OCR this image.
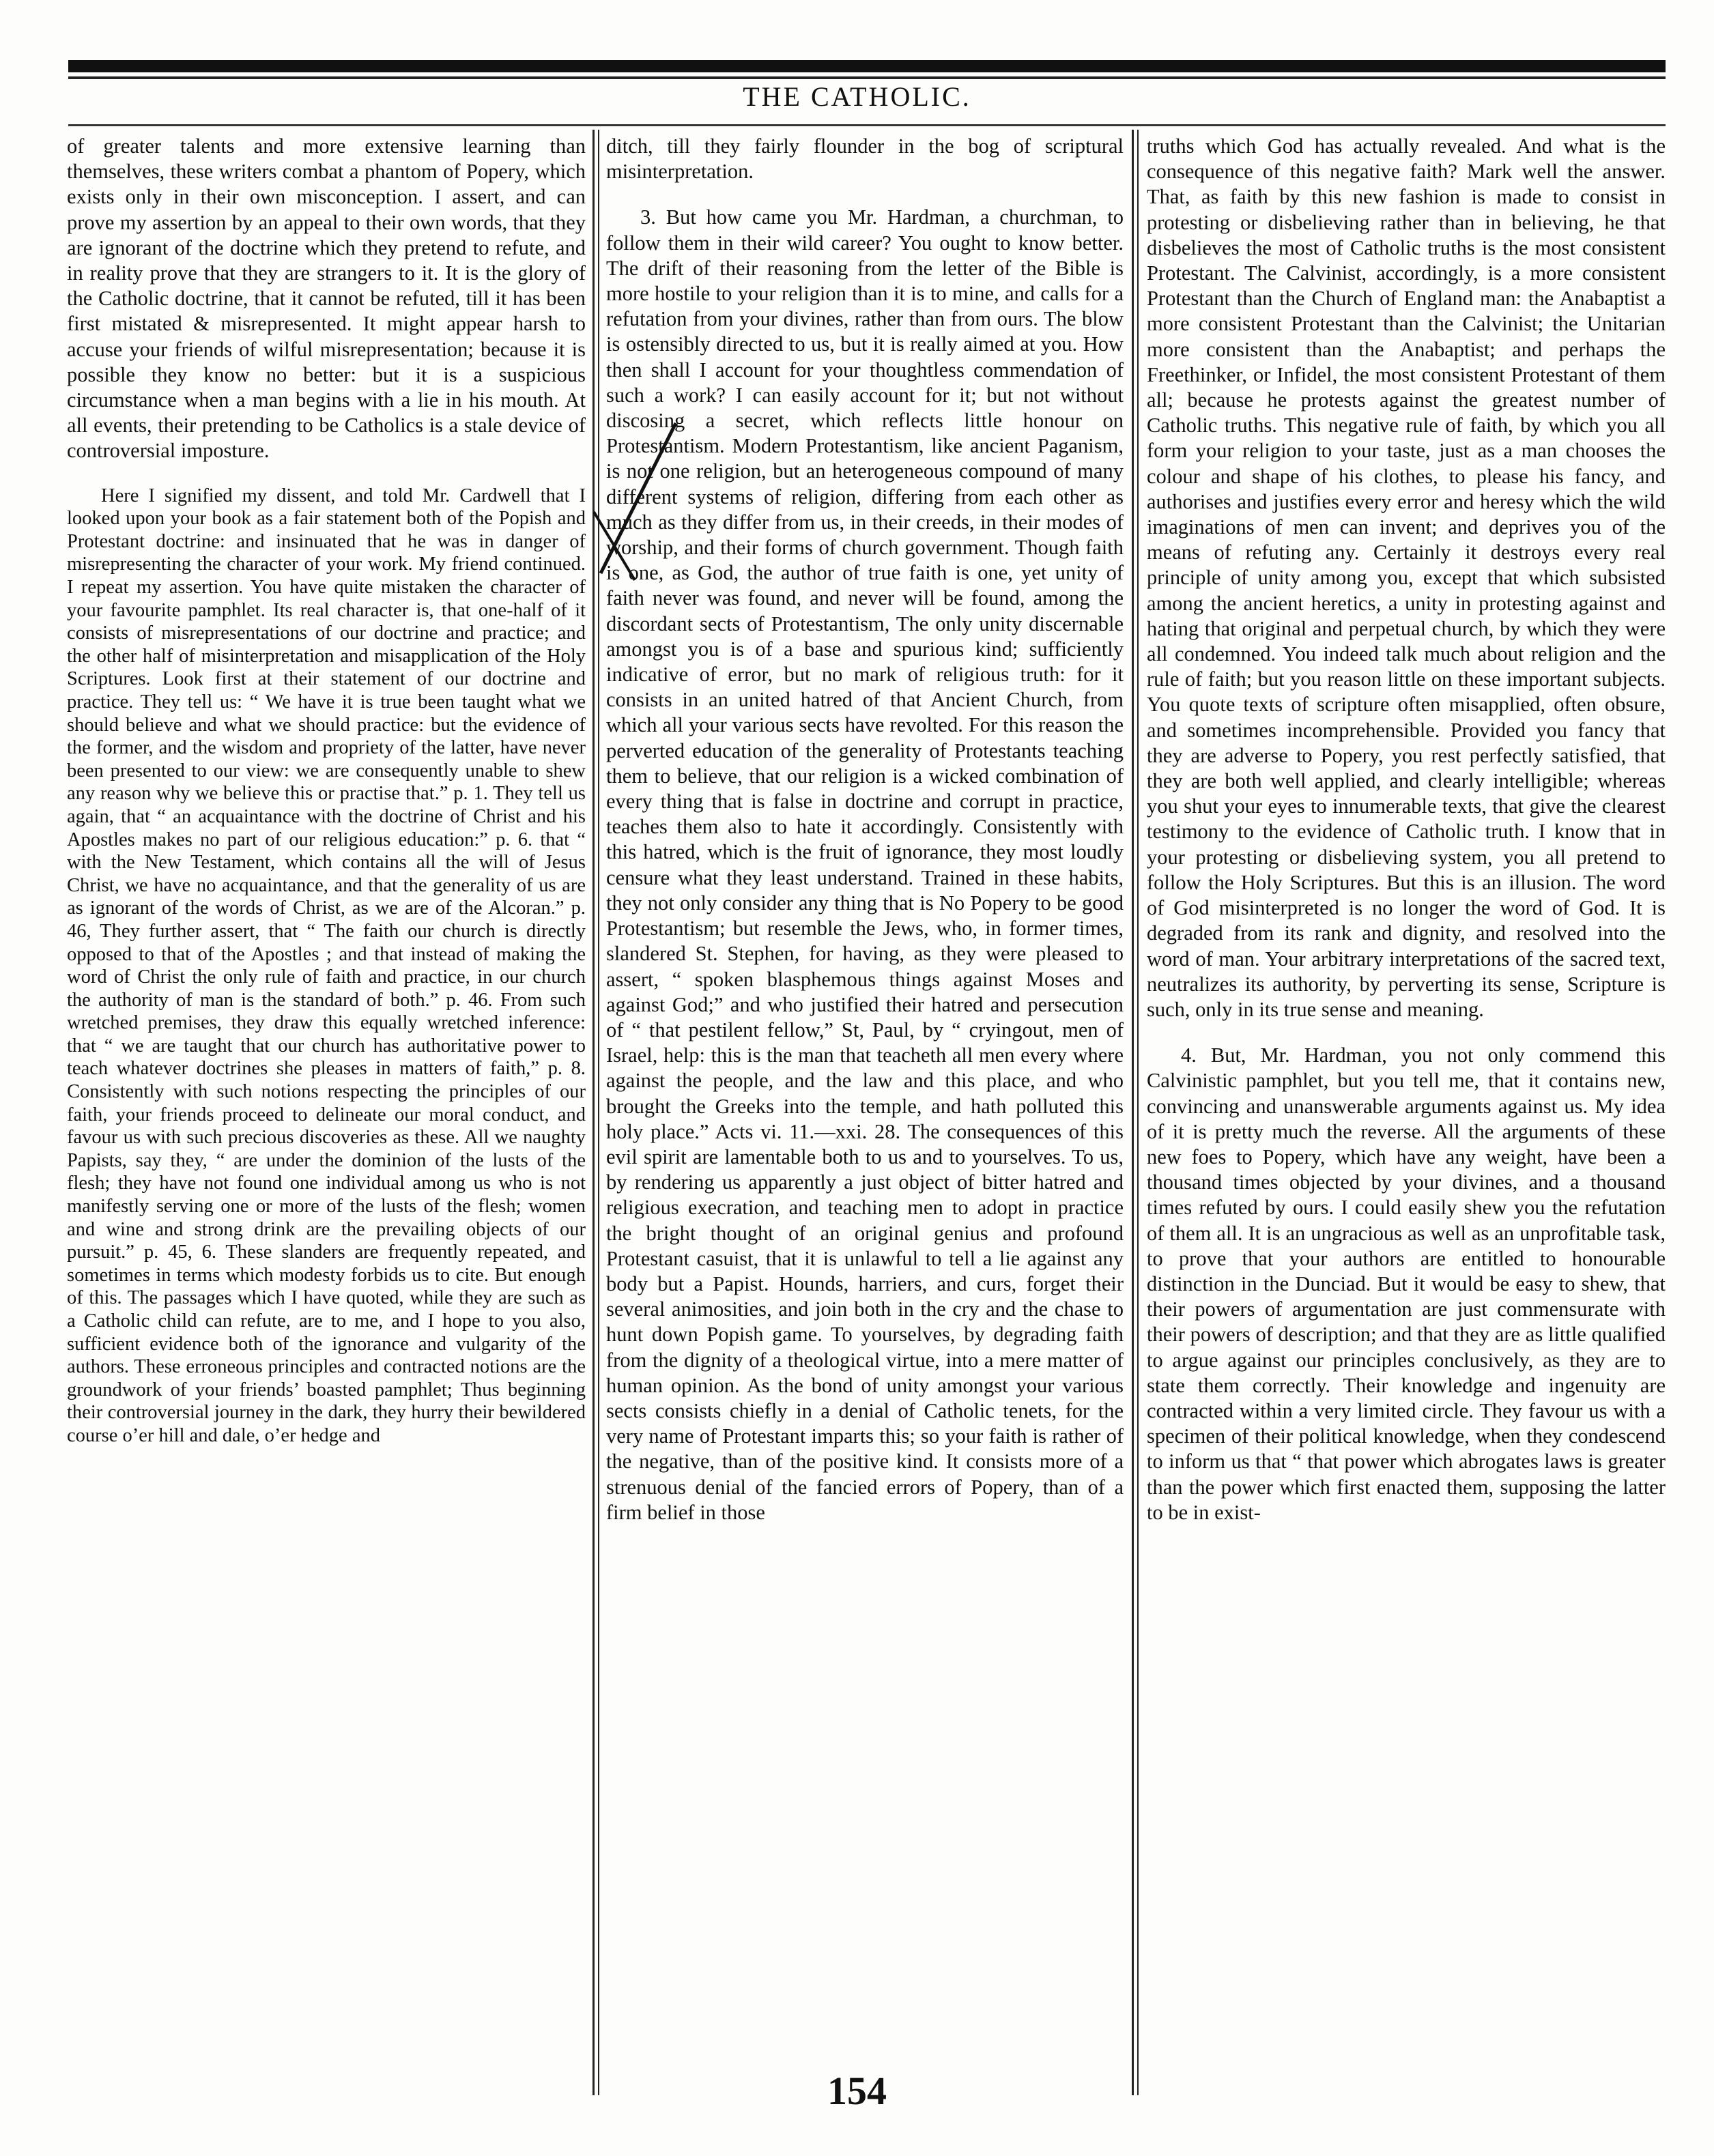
THE CATHOLIC.

of greater talents and more extensive learning than themselves, these writers combat a phantom of Popery, which exists only in their own misconception. I assert, and can prove my assertion by an appeal to their own words, that they are ignorant of the doctrine which they pretend to refute, and in reality prove that they are strangers to it. It is the glory of the Catholic doctrine, that it cannot be refuted, till it has been first mistated & misrepresented. It might appear harsh to accuse your friends of wilful misrepresentation; because it is possible they know no better: but it is a suspicious circumstance when a man begins with a lie in his mouth. At all events, their pretending to be Catholics is a stale device of controversial imposture.

Here I signified my dissent, and told Mr. Cardwell that I looked upon your book as a fair statement both of the Popish and Protestant doctrine: and insinuated that he was in danger of misrepresenting the character of your work. My friend continued. I repeat my assertion. You have quite mistaken the character of your favourite pamphlet. Its real character is, that one-half of it consists of misrepresentations of our doctrine and practice; and the other half of misinterpretation and misapplication of the Holy Scriptures. Look first at their statement of our doctrine and practice. They tell us: “ We have it is true been taught what we should believe and what we should practice: but the evidence of the former, and the wisdom and propriety of the latter, have never been presented to our view: we are consequently unable to shew any reason why we believe this or practise that.” p. 1. They tell us again, that “ an acquaintance with the doctrine of Christ and his Apostles makes no part of our religious education:” p. 6. that “ with the New Testament, which contains all the will of Jesus Christ, we have no acquaintance, and that the generality of us are as ignorant of the words of Christ, as we are of the Alcoran.” p. 46, They further assert, that “ The faith our church is directly opposed to that of the Apostles ; and that instead of making the word of Christ the only rule of faith and practice, in our church the authority of man is the standard of both.” p. 46. From such wretched premises, they draw this equally wretched inference: that “ we are taught that our church has authoritative power to teach whatever doctrines she pleases in matters of faith,” p. 8. Consistently with such notions respecting the principles of our faith, your friends proceed to delineate our moral conduct, and favour us with such precious discoveries as these. All we naughty Papists, say they, “ are under the dominion of the lusts of the flesh; they have not found one individual among us who is not manifestly serving one or more of the lusts of the flesh; women and wine and strong drink are the prevailing objects of our pursuit.” p. 45, 6. These slanders are frequently repeated, and sometimes in terms which modesty forbids us to cite. But enough of this. The passages which I have quoted, while they are such as a Catholic child can refute, are to me, and I hope to you also, sufficient evidence both of the ignorance and vulgarity of the authors. These erroneous principles and contracted notions are the groundwork of your friends’ boasted pamphlet; Thus beginning their controversial journey in the dark, they hurry their bewildered course o’er hill and dale, o’er hedge and

ditch, till they fairly flounder in the bog of scriptural misinterpretation.

3. But how came you Mr. Hardman, a churchman, to follow them in their wild career? You ought to know better. The drift of their reasoning from the letter of the Bible is more hostile to your religion than it is to mine, and calls for a refutation from your divines, rather than from ours. The blow is ostensibly directed to us, but it is really aimed at you. How then shall I account for your thoughtless commendation of such a work? I can easily account for it; but not without discosing a secret, which reflects little honour on Protestantism. Modern Protestantism, like ancient Paganism, is not one religion, but an heterogeneous compound of many different systems of religion, differing from each other as much as they differ from us, in their creeds, in their modes of worship, and their forms of church government. Though faith is one, as God, the author of true faith is one, yet unity of faith never was found, and never will be found, among the discordant sects of Protestantism, The only unity discernable amongst you is of a base and spurious kind; sufficiently indicative of error, but no mark of religious truth: for it consists in an united hatred of that Ancient Church, from which all your various sects have revolted. For this reason the perverted education of the generality of Protestants teaching them to believe, that our religion is a wicked combination of every thing that is false in doctrine and corrupt in practice, teaches them also to hate it accordingly. Consistently with this hatred, which is the fruit of ignorance, they most loudly censure what they least understand. Trained in these habits, they not only consider any thing that is No Popery to be good Protestantism; but resemble the Jews, who, in former times, slandered St. Stephen, for having, as they were pleased to assert, “ spoken blasphemous things against Moses and against God;” and who justified their hatred and persecution of “ that pestilent fellow,” St, Paul, by “ cryingout, men of Israel, help: this is the man that teacheth all men every where against the people, and the law and this place, and who brought the Greeks into the temple, and hath polluted this holy place.” Acts vi. 11.—xxi. 28. The consequences of this evil spirit are lamentable both to us and to yourselves. To us, by rendering us apparently a just object of bitter hatred and religious execration, and teaching men to adopt in practice the bright thought of an original genius and profound Protestant casuist, that it is unlawful to tell a lie against any body but a Papist. Hounds, harriers, and curs, forget their several animosities, and join both in the cry and the chase to hunt down Popish game. To yourselves, by degrading faith from the dignity of a theological virtue, into a mere matter of human opinion. As the bond of unity amongst your various sects consists chiefly in a denial of Catholic tenets, for the very name of Protestant imparts this; so your faith is rather of the negative, than of the positive kind. It consists more of a strenuous denial of the fancied errors of Popery, than of a firm belief in those

truths which God has actually revealed. And what is the consequence of this negative faith? Mark well the answer. That, as faith by this new fashion is made to consist in protesting or disbelieving rather than in believing, he that disbelieves the most of Catholic truths is the most consistent Protestant. The Calvinist, accordingly, is a more consistent Protestant than the Church of England man: the Anabaptist a more consistent Protestant than the Calvinist; the Unitarian more consistent than the Anabaptist; and perhaps the Freethinker, or Infidel, the most consistent Protestant of them all; because he protests against the greatest number of Catholic truths. This negative rule of faith, by which you all form your religion to your taste, just as a man chooses the colour and shape of his clothes, to please his fancy, and authorises and justifies every error and heresy which the wild imaginations of men can invent; and deprives you of the means of refuting any. Certainly it destroys every real principle of unity among you, except that which subsisted among the ancient heretics, a unity in protesting against and hating that original and perpetual church, by which they were all condemned. You indeed talk much about religion and the rule of faith; but you reason little on these important subjects. You quote texts of scripture often misapplied, often obsure, and sometimes incomprehensible. Provided you fancy that they are adverse to Popery, you rest perfectly satisfied, that they are both well applied, and clearly intelligible; whereas you shut your eyes to innumerable texts, that give the clearest testimony to the evidence of Catholic truth. I know that in your protesting or disbelieving system, you all pretend to follow the Holy Scriptures. But this is an illusion. The word of God misinterpreted is no longer the word of God. It is degraded from its rank and dignity, and resolved into the word of man. Your arbitrary interpretations of the sacred text, neutralizes its authority, by perverting its sense, Scripture is such, only in its true sense and meaning.

4. But, Mr. Hardman, you not only commend this Calvinistic pamphlet, but you tell me, that it contains new, convincing and unanswerable arguments against us. My idea of it is pretty much the reverse. All the arguments of these new foes to Popery, which have any weight, have been a thousand times objected by your divines, and a thousand times refuted by ours. I could easily shew you the refutation of them all. It is an ungracious as well as an unprofitable task, to prove that your authors are entitled to honourable distinction in the Dunciad. But it would be easy to shew, that their powers of argumentation are just commensurate with their powers of description; and that they are as little qualified to argue against our principles conclusively, as they are to state them correctly. Their knowledge and ingenuity are contracted within a very limited circle. They favour us with a specimen of their political knowledge, when they condescend to inform us that “ that power which abrogates laws is greater than the power which first enacted them, supposing the latter to be in exist-

154
